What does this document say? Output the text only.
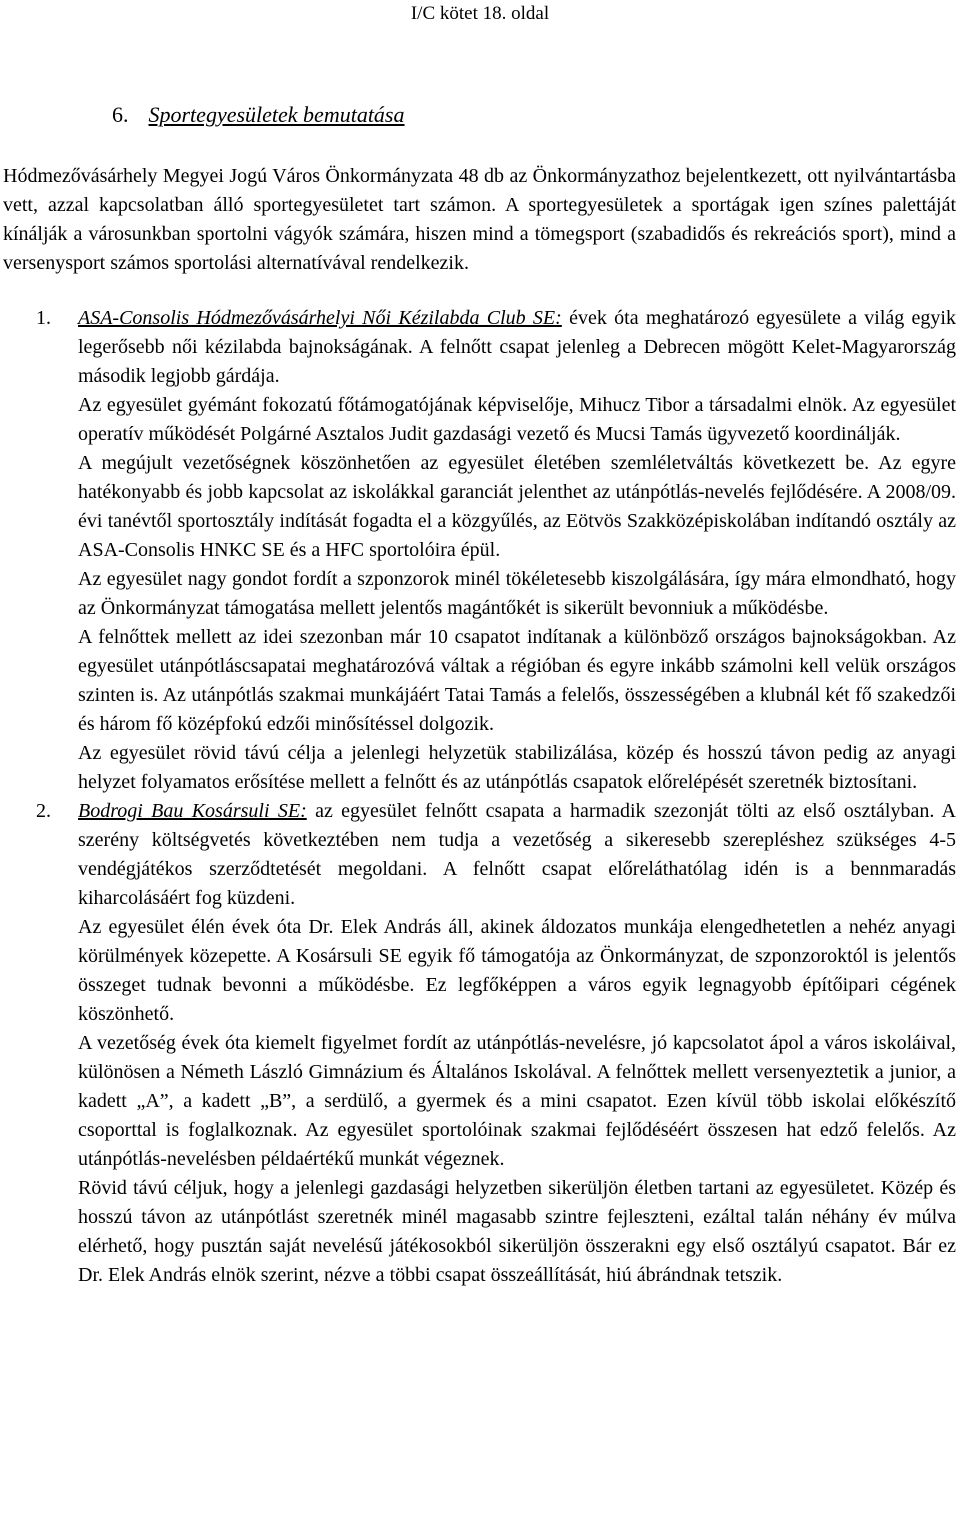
I/C kötet 18. oldal
6. Sportegyesületek bemutatása

Hódmezővásárhely Megyei Jogú Város Önkormányzata 48 db az Önkormányzathoz bejelentkezett, ott nyilvántartásba vett, azzal kapcsolatban álló sportegyesületet tart számon. A sportegyesületek a sportágak igen színes palettáját kínálják a városunkban sportolni vágyók számára, hiszen mind a tömegsport (szabadidős és rekreációs sport), mind a versenysport számos sportolási alternatívával rendelkezik.

1. ASA-Consolis Hódmezővásárhelyi Női Kézilabda Club SE: évek óta meghatározó egyesülete a világ egyik legerősebb női kézilabda bajnokságának. A felnőtt csapat jelenleg a Debrecen mögött Kelet-Magyarország második legjobb gárdája.

Az egyesület gyémánt fokozatú főtámogatójának képviselője, Mihucz Tibor a társadalmi elnök. Az egyesület operatív működését Polgárné Asztalos Judit gazdasági vezető és Mucsi Tamás ügyvezető koordinálják.

A megújult vezetőségnek köszönhetően az egyesület életében szemléletváltás következett be. Az egyre hatékonyabb és jobb kapcsolat az iskolákkal garanciát jelenthet az utánpótlás-nevelés fejlődésére. A 2008/09. évi tanévtől sportosztály indítását fogadta el a közgyűlés, az Eötvös Szakközépiskolában indítandó osztály az ASA-Consolis HNKC SE és a HFC sportolóira épül.

Az egyesület nagy gondot fordít a szponzorok minél tökéletesebb kiszolgálására, így mára elmondható, hogy az Önkormányzat támogatása mellett jelentős magántőkét is sikerült bevonniuk a működésbe.

A felnőttek mellett az idei szezonban már 10 csapatot indítanak a különböző országos bajnokságokban. Az egyesület utánpótláscsapatai meghatározóvá váltak a régióban és egyre inkább számolni kell velük országos szinten is. Az utánpótlás szakmai munkájáért Tatai Tamás a felelős, összességében a klubnál két fő szakedzői és három fő középfokú edzői minősítéssel dolgozik.

Az egyesület rövid távú célja a jelenlegi helyzetük stabilizálása, közép és hosszú távon pedig az anyagi helyzet folyamatos erősítése mellett a felnőtt és az utánpótlás csapatok előrelépését szeretnék biztosítani.

2. Bodrogi Bau Kosársuli SE: az egyesület felnőtt csapata a harmadik szezonját tölti az első osztályban. A szerény költségvetés következtében nem tudja a vezetőség a sikeresebb szerepléshez szükséges 4-5 vendégjátékos szerződtetését megoldani. A felnőtt csapat előreláthatólag idén is a bennmaradás kiharcolásáért fog küzdeni.

Az egyesület élén évek óta Dr. Elek András áll, akinek áldozatos munkája elengedhetetlen a nehéz anyagi körülmények közepette. A Kosársuli SE egyik fő támogatója az Önkormányzat, de szponzoroktól is jelentős összeget tudnak bevonni a működésbe. Ez legfőképpen a város egyik legnagyobb építőipari cégének köszönhető.

A vezetőség évek óta kiemelt figyelmet fordít az utánpótlás-nevelésre, jó kapcsolatot ápol a város iskoláival, különösen a Németh László Gimnázium és Általános Iskolával. A felnőttek mellett versenyeztetik a junior, a kadett „A”, a kadett „B”, a serdülő, a gyermek és a mini csapatot. Ezen kívül több iskolai előkészítő csoporttal is foglalkoznak. Az egyesület sportolóinak szakmai fejlődéséért összesen hat edző felelős. Az utánpótlás-nevelésben példaértékű munkát végeznek.

Rövid távú céljuk, hogy a jelenlegi gazdasági helyzetben sikerüljön életben tartani az egyesületet. Közép és hosszú távon az utánpótlást szeretnék minél magasabb szintre fejleszteni, ezáltal talán néhány év múlva elérhető, hogy pusztán saját nevelésű játékosokból sikerüljön összerakni egy első osztályú csapatot. Bár ez Dr. Elek András elnök szerint, nézve a többi csapat összeállítását, hiú ábrándnak tetszik.
